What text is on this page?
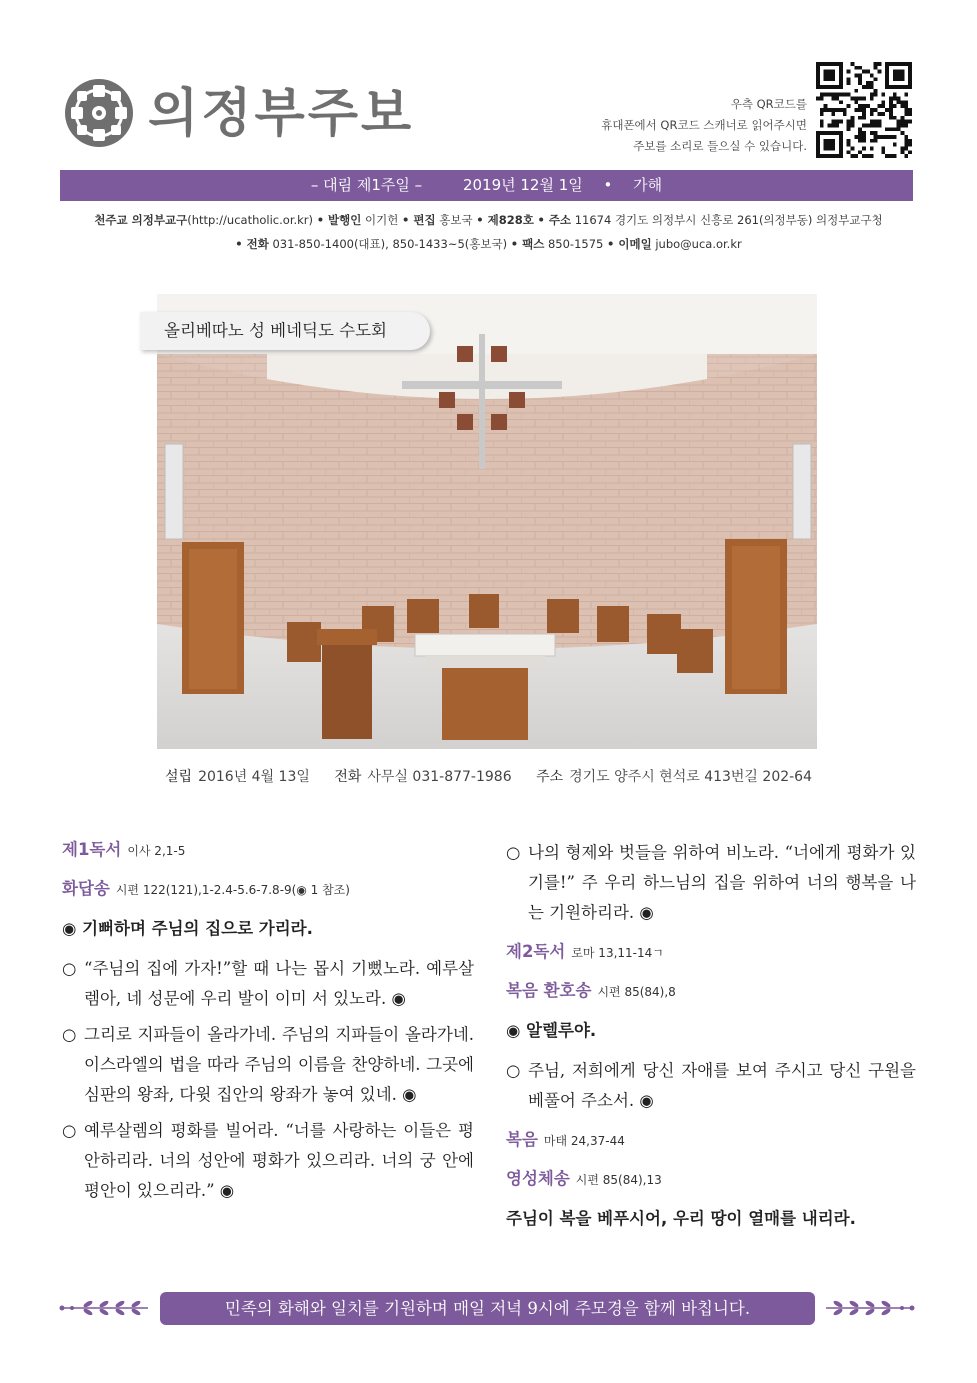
의정부주보	우측 QR코드를
휴대폰에서 QR코드 스캐너로 읽어주시면
주보를 소리로 들으실 수 있습니다.
– 대림 제1주일 –	2019년 12월 1일 • 가해
천주교 의정부교구(http://ucatholic.or.kr) • 발행인 이기헌 • 편집 홍보국 • 제828호 • 주소 11674 경기도 의정부시 신흥로 261(의정부동) 의정부교구청
• 전화 031-850-1400(대표), 850-1433~5(홍보국) • 팩스 850-1575 • 이메일 jubo@uca.or.kr
올리베따노 성 베네딕도 수도회
설립 2016년 4월 13일 전화 사무실 031-877-1986 주소 경기도 양주시 현석로 413번길 202-64
제1독서 이사 2,1-5
화답송 시편 122(121),1-2.4-5.6-7.8-9(◉ 1 참조)
◉ 기뻐하며 주님의 집으로 가리라.
○ “주님의 집에 가자!”할 때 나는 몹시 기뻤노라. 예루살렘아, 네 성문에 우리 발이 이미 서 있노라. ◉
○ 그리로 지파들이 올라가네. 주님의 지파들이 올라가네. 이스라엘의 법을 따라 주님의 이름을 찬양하네. 그곳에 심판의 왕좌, 다윗 집안의 왕좌가 놓여 있네. ◉
○ 예루살렘의 평화를 빌어라. “너를 사랑하는 이들은 평안하리라. 너의 성안에 평화가 있으리라. 너의 궁 안에 평안이 있으리라.” ◉
○ 나의 형제와 벗들을 위하여 비노라. “너에게 평화가 있기를!” 주 우리 하느님의 집을 위하여 너의 행복을 나는 기원하리라. ◉
제2독서 로마 13,11-14ㄱ
복음 환호송 시편 85(84),8
◉ 알렐루야.
○ 주님, 저희에게 당신 자애를 보여 주시고 당신 구원을 베풀어 주소서. ◉
복음 마태 24,37-44
영성체송 시편 85(84),13
주님이 복을 베푸시어, 우리 땅이 열매를 내리라.
민족의 화해와 일치를 기원하며 매일 저녁 9시에 주모경을 함께 바칩니다.
